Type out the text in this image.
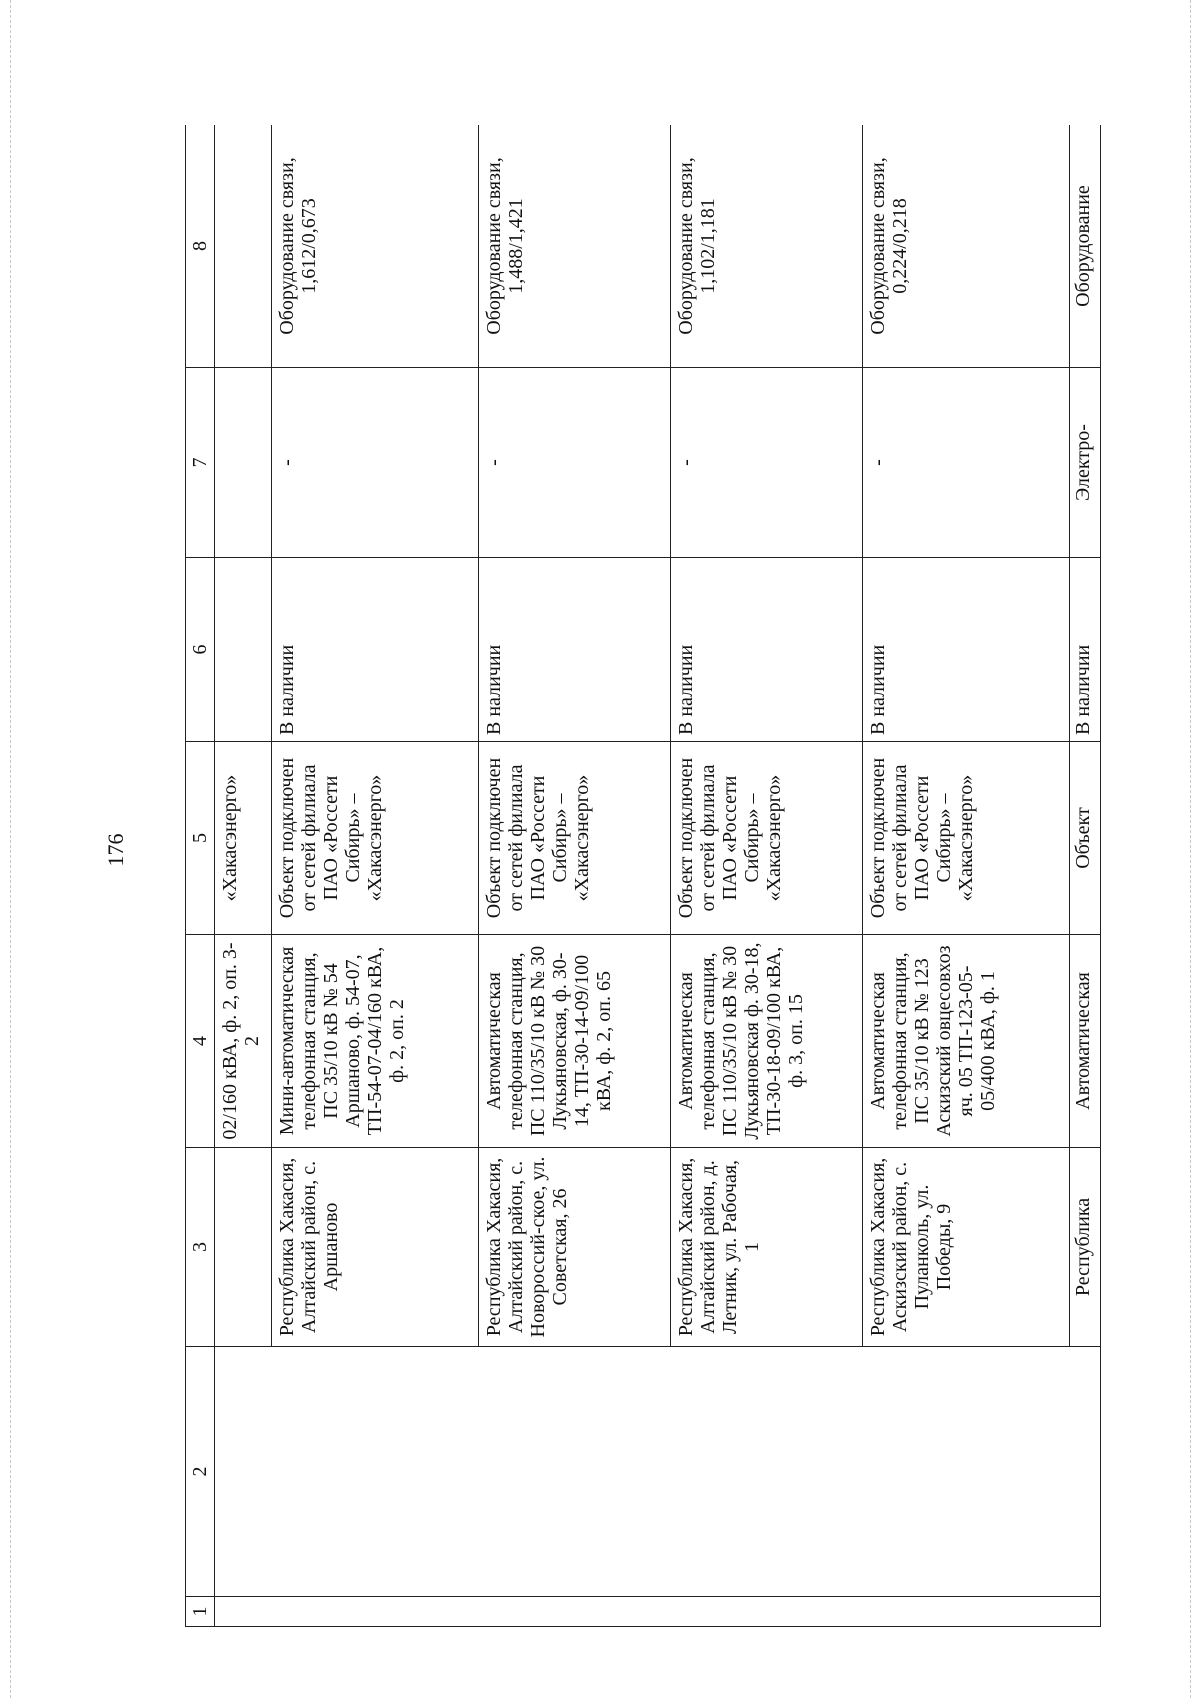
176
1	2	3	4	5	6	7	8
			02/160 кВА, ф. 2, оп. 3-2	«Хакасэнерго»			
		Республика Хакасия, Алтайский район, с. Аршаново	Мини-автоматическая телефонная станция, ПС 35/10 кВ № 54 Аршаново, ф. 54-07, ТП-54-07-04/160 кВА, ф. 2, оп. 2	Объект подключен от сетей филиала ПАО «Россети Сибирь» – «Хакасэнерго»	В наличии	-	Оборудование связи, 1,612/0,673
		Республика Хакасия, Алтайский район, с. Новороссий-ское, ул. Советская, 26	Автоматическая телефонная станция, ПС 110/35/10 кВ № 30 Лукьяновская, ф. 30-14, ТП-30-14-09/100 кВА, ф. 2, оп. 65	Объект подключен от сетей филиала ПАО «Россети Сибирь» – «Хакасэнерго»	В наличии	-	Оборудование связи, 1,488/1,421
		Республика Хакасия, Алтайский район, д. Летник, ул. Рабочая, 1	Автоматическая телефонная станция, ПС 110/35/10 кВ № 30 Лукьяновская ф. 30-18, ТП-30-18-09/100 кВА, ф. 3, оп. 15	Объект подключен от сетей филиала ПАО «Россети Сибирь» – «Хакасэнерго»	В наличии	-	Оборудование связи, 1,102/1,181
		Республика Хакасия, Аскизский район, с. Пуланколь, ул. Победы, 9	Автоматическая телефонная станция, ПС 35/10 кВ № 123 Аскизский овцесовхоз яч. 05 ТП-123-05-05/400 кВА, ф. 1	Объект подключен от сетей филиала ПАО «Россети Сибирь» – «Хакасэнерго»	В наличии	-	Оборудование связи, 0,224/0,218
		Республика	Автоматическая	Объект	В наличии	Электро-	Оборудование
